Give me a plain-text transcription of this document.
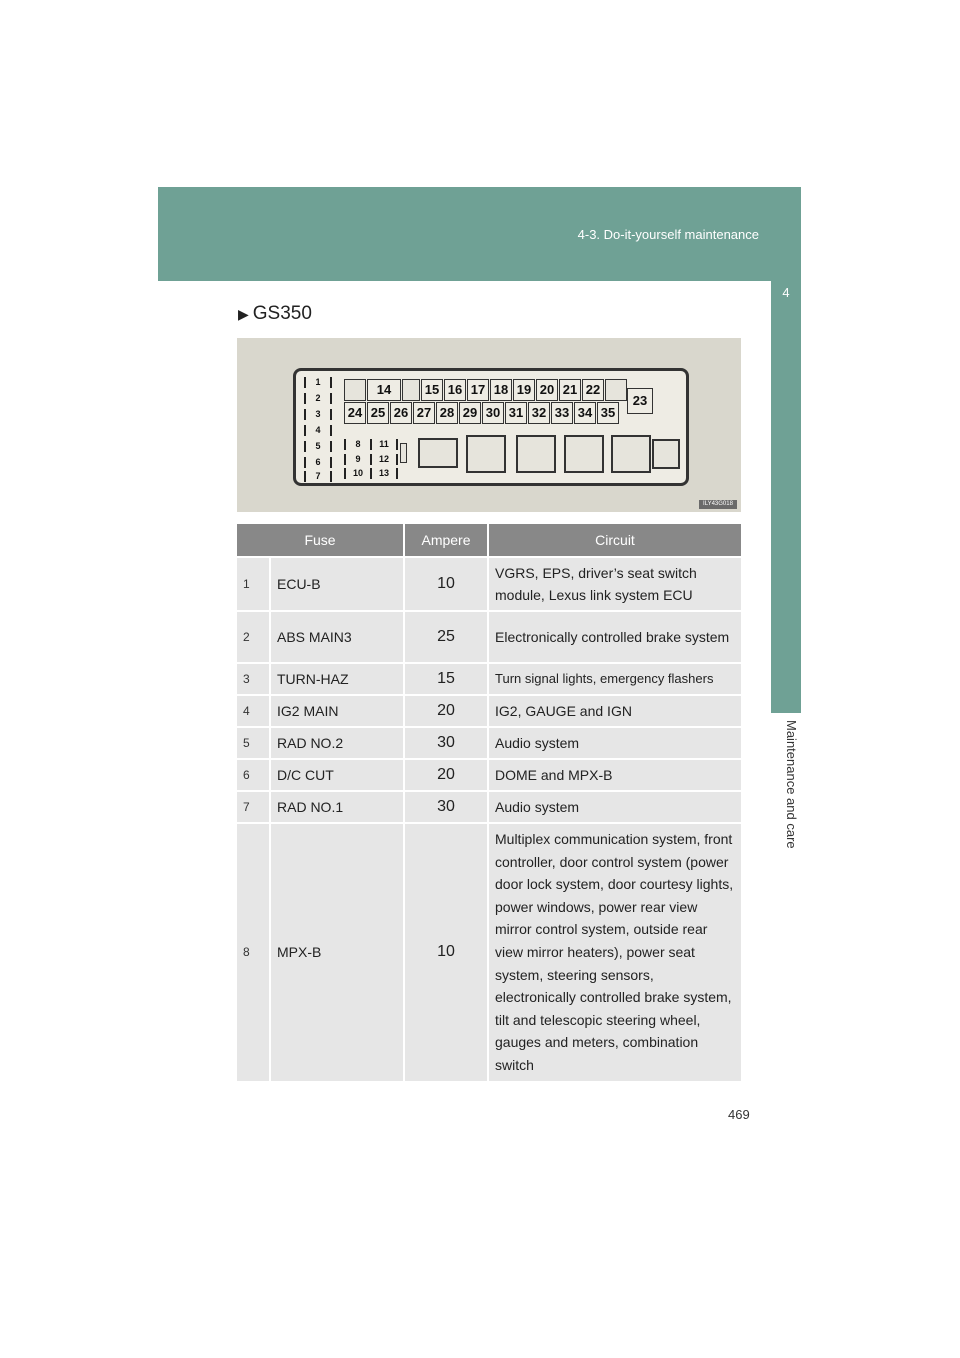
4-3. Do-it-yourself maintenance
4
Maintenance and care
▶ GS350
1
2
3
4
5
6
7
8	11
9	12
10	13
14	15 16 17 18 19 20 21 22
24 25 26 27 28 29 30 31 32 33 34 35
23
ILY43G018
Fuse		Ampere	Circuit
1	ECU-B	10	VGRS, EPS, driver’s seat switch module, Lexus link system ECU
2	ABS MAIN3	25	Electronically controlled brake system
3	TURN-HAZ	15	Turn signal lights, emergency flashers
4	IG2 MAIN	20	IG2, GAUGE and IGN
5	RAD NO.2	30	Audio system
6	D/C CUT	20	DOME and MPX-B
7	RAD NO.1	30	Audio system
8	MPX-B	10	Multiplex communication system, front controller, door control system (power door lock system, door courtesy lights, power windows, power rear view mirror control system, outside rear view mirror heaters), power seat system, steering sensors, electronically controlled brake system, tilt and telescopic steering wheel, gauges and meters, combination switch
469
